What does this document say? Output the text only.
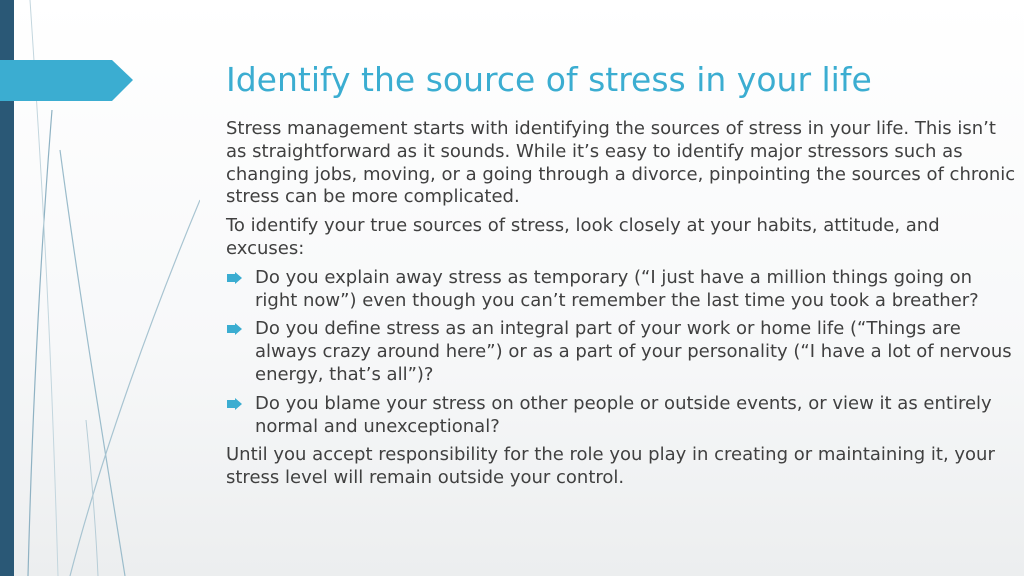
Identify the source of stress in your life

Stress management starts with identifying the sources of stress in your life. This isn’t as straightforward as it sounds. While it’s easy to identify major stressors such as changing jobs, moving, or a going through a divorce, pinpointing the sources of chronic stress can be more complicated.

To identify your true sources of stress, look closely at your habits, attitude, and excuses:

Do you explain away stress as temporary (“I just have a million things going on right now”) even though you can’t remember the last time you took a breather?
Do you define stress as an integral part of your work or home life (“Things are always crazy around here”) or as a part of your personality (“I have a lot of nervous energy, that’s all”)?
Do you blame your stress on other people or outside events, or view it as entirely normal and unexceptional?

Until you accept responsibility for the role you play in creating or maintaining it, your stress level will remain outside your control.
